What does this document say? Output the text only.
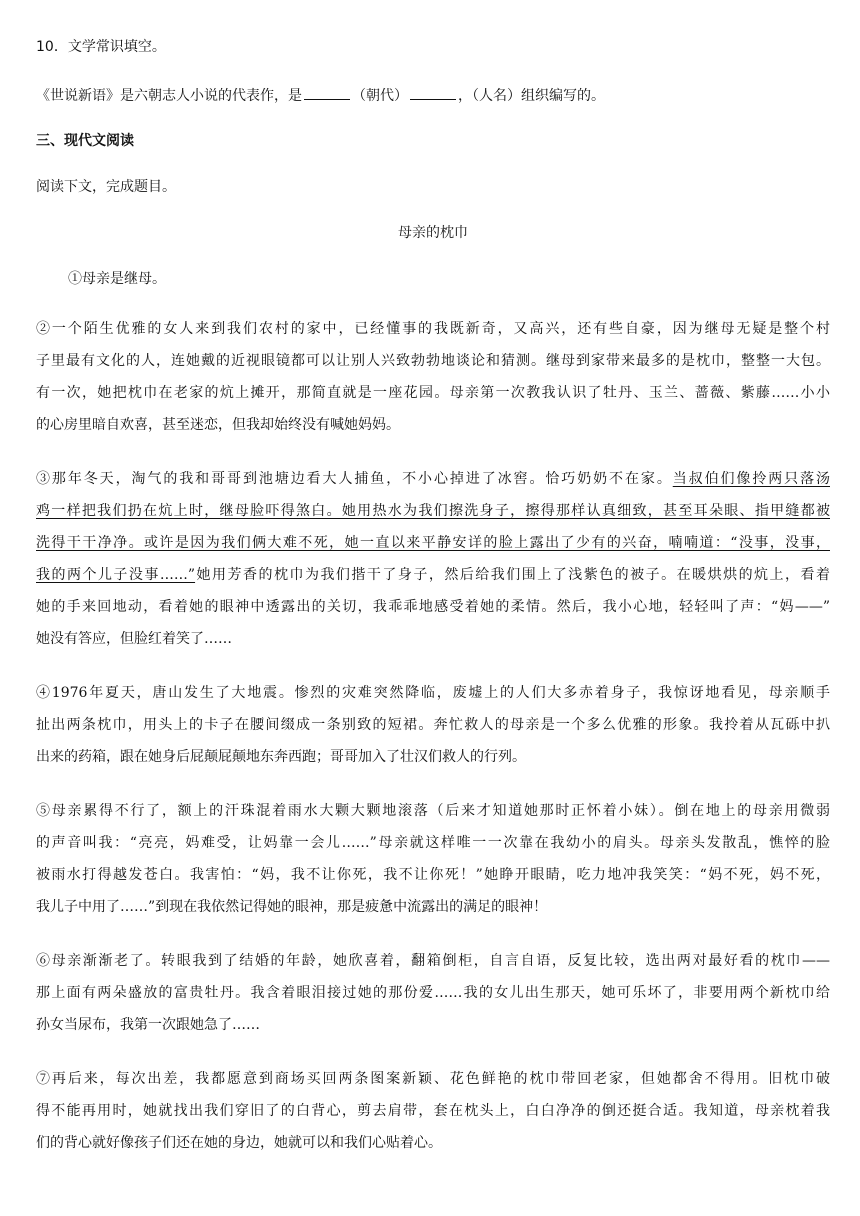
10．文学常识填空。
《世说新语》是六朝志人小说的代表作，是	（朝代）	，（人名）组织编写的。
三、现代文阅读
阅读下文，完成题目。
母亲的枕巾
①母亲是继母。
②一个陌生优雅的女人来到我们农村的家中，已经懂事的我既新奇，又高兴，还有些自豪，因为继母无疑是整个村
子里最有文化的人，连她戴的近视眼镜都可以让别人兴致勃勃地谈论和猜测。继母到家带来最多的是枕巾，整整一大包。
有一次，她把枕巾在老家的炕上摊开，那简直就是一座花园。母亲第一次教我认识了牡丹、玉兰、蔷薇、紫藤……小小
的心房里暗自欢喜，甚至迷恋，但我却始终没有喊她妈妈。
③那年冬天，淘气的我和哥哥到池塘边看大人捕鱼，不小心掉进了冰窖。恰巧奶奶不在家。当叔伯们像拎两只落汤
鸡一样把我们扔在炕上时，继母脸吓得煞白。她用热水为我们擦洗身子，擦得那样认真细致，甚至耳朵眼、指甲缝都被
洗得干干净净。或许是因为我们俩大难不死，她一直以来平静安详的脸上露出了少有的兴奋，喃喃道：“没事，没事，
我的两个儿子没事……”她用芳香的枕巾为我们揩干了身子，然后给我们围上了浅紫色的被子。在暖烘烘的炕上，看着
她的手来回地动，看着她的眼神中透露出的关切，我乖乖地感受着她的柔情。然后，我小心地，轻轻叫了声：“妈——”
她没有答应，但脸红着笑了……
④1976年夏天，唐山发生了大地震。惨烈的灾难突然降临，废墟上的人们大多赤着身子，我惊讶地看见，母亲顺手
扯出两条枕巾，用头上的卡子在腰间缀成一条别致的短裙。奔忙救人的母亲是一个多么优雅的形象。我拎着从瓦砾中扒
出来的药箱，跟在她身后屁颠屁颠地东奔西跑；哥哥加入了壮汉们救人的行列。
⑤母亲累得不行了，额上的汗珠混着雨水大颗大颗地滚落（后来才知道她那时正怀着小妹）。倒在地上的母亲用微弱
的声音叫我：“亮亮，妈难受，让妈靠一会儿……”母亲就这样唯一一次靠在我幼小的肩头。母亲头发散乱，憔悴的脸
被雨水打得越发苍白。我害怕：“妈，我不让你死，我不让你死！”她睁开眼睛，吃力地冲我笑笑：“妈不死，妈不死，
我儿子中用了……”到现在我依然记得她的眼神，那是疲惫中流露出的满足的眼神！
⑥母亲渐渐老了。转眼我到了结婚的年龄，她欣喜着，翻箱倒柜，自言自语，反复比较，选出两对最好看的枕巾——
那上面有两朵盛放的富贵牡丹。我含着眼泪接过她的那份爱……我的女儿出生那天，她可乐坏了，非要用两个新枕巾给
孙女当尿布，我第一次跟她急了……
⑦再后来，每次出差，我都愿意到商场买回两条图案新颖、花色鲜艳的枕巾带回老家，但她都舍不得用。旧枕巾破
得不能再用时，她就找出我们穿旧了的白背心，剪去肩带，套在枕头上，白白净净的倒还挺合适。我知道，母亲枕着我
们的背心就好像孩子们还在她的身边，她就可以和我们心贴着心。
